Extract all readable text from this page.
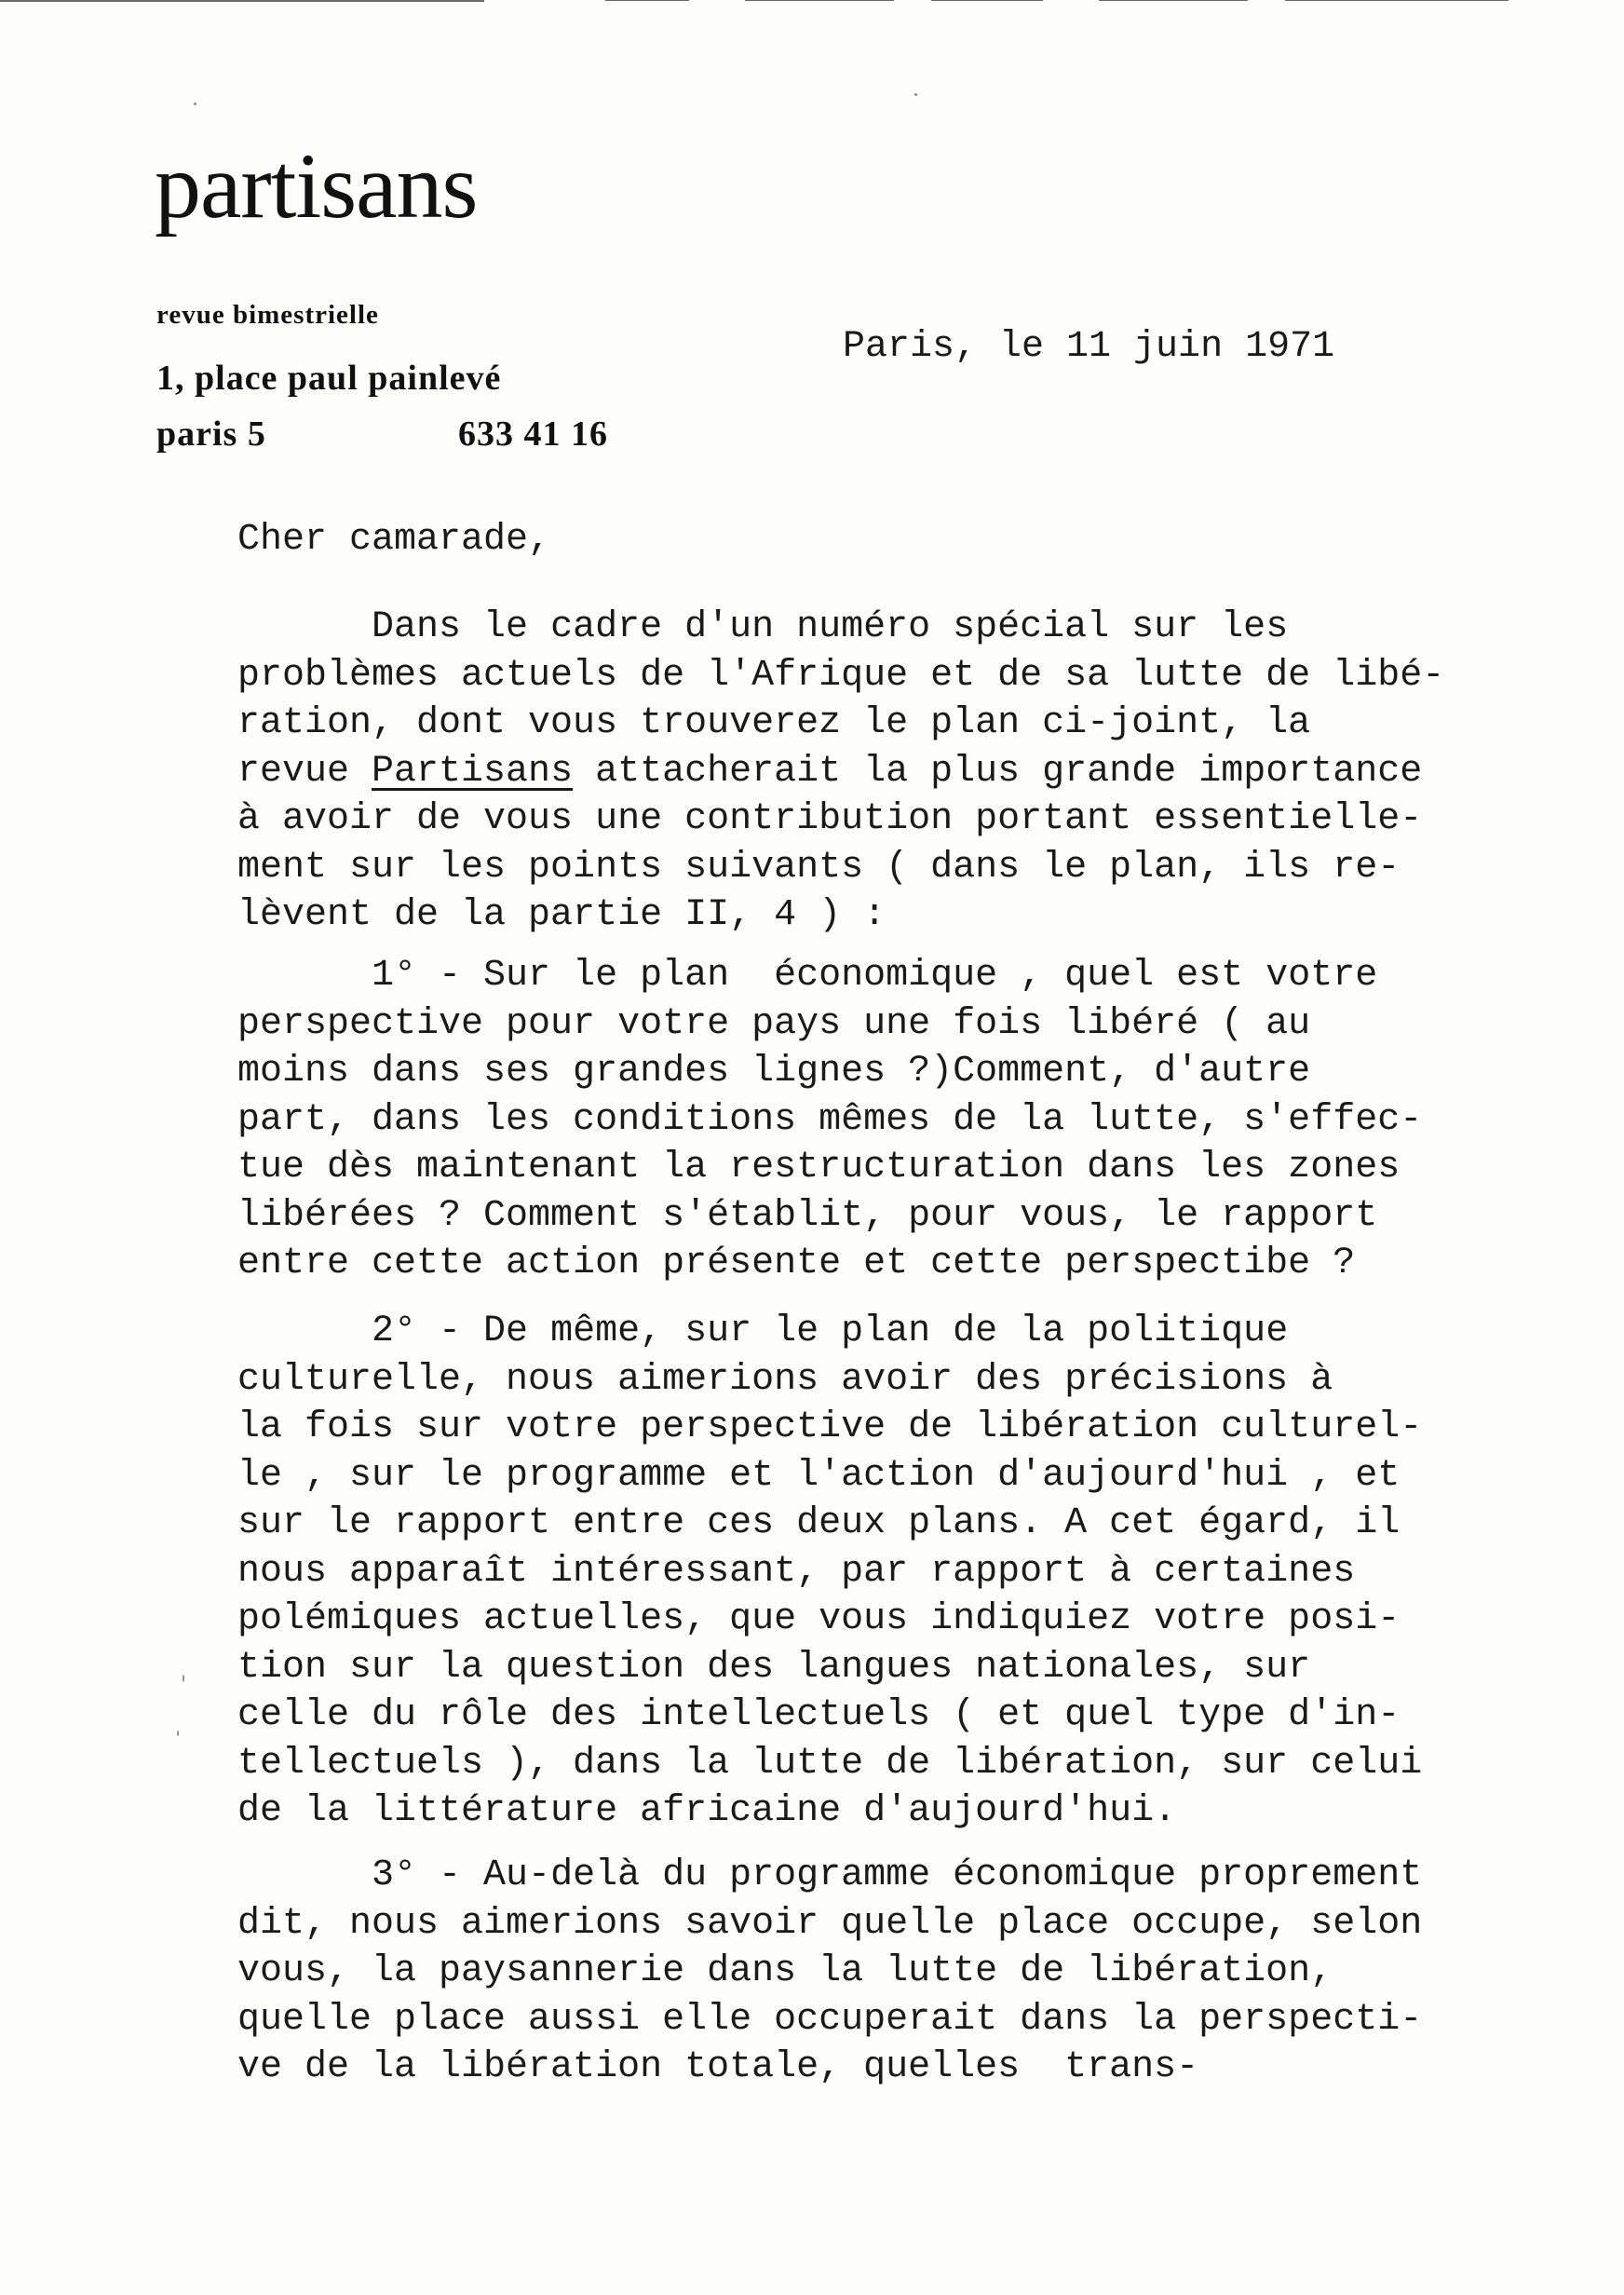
partisans
revue bimestrielle
1, place paul painlevé
paris 5	633 41 16
Paris, le 11 juin 1971
Cher camarade,
Dans le cadre d'un numéro spécial sur les
problèmes actuels de l'Afrique et de sa lutte de libé-
ration, dont vous trouverez le plan ci-joint, la
revue Partisans attacherait la plus grande importance
à avoir de vous une contribution portant essentielle-
ment sur les points suivants ( dans le plan, ils re-
lèvent de la partie II, 4 ) :
1° - Sur le plan  économique , quel est votre
perspective pour votre pays une fois libéré ( au
moins dans ses grandes lignes ?)Comment, d'autre
part, dans les conditions mêmes de la lutte, s'effec-
tue dès maintenant la restructuration dans les zones
libérées ? Comment s'établit, pour vous, le rapport
entre cette action présente et cette perspectibe ?
2° - De même, sur le plan de la politique
culturelle, nous aimerions avoir des précisions à
la fois sur votre perspective de libération culturel-
le , sur le programme et l'action d'aujourd'hui , et
sur le rapport entre ces deux plans. A cet égard, il
nous apparaît intéressant, par rapport à certaines
polémiques actuelles, que vous indiquiez votre posi-
tion sur la question des langues nationales, sur
celle du rôle des intellectuels ( et quel type d'in-
tellectuels ), dans la lutte de libération, sur celui
de la littérature africaine d'aujourd'hui.
3° - Au-delà du programme économique proprement
dit, nous aimerions savoir quelle place occupe, selon
vous, la paysannerie dans la lutte de libération,
quelle place aussi elle occuperait dans la perspecti-
ve de la libération totale, quelles  trans-
